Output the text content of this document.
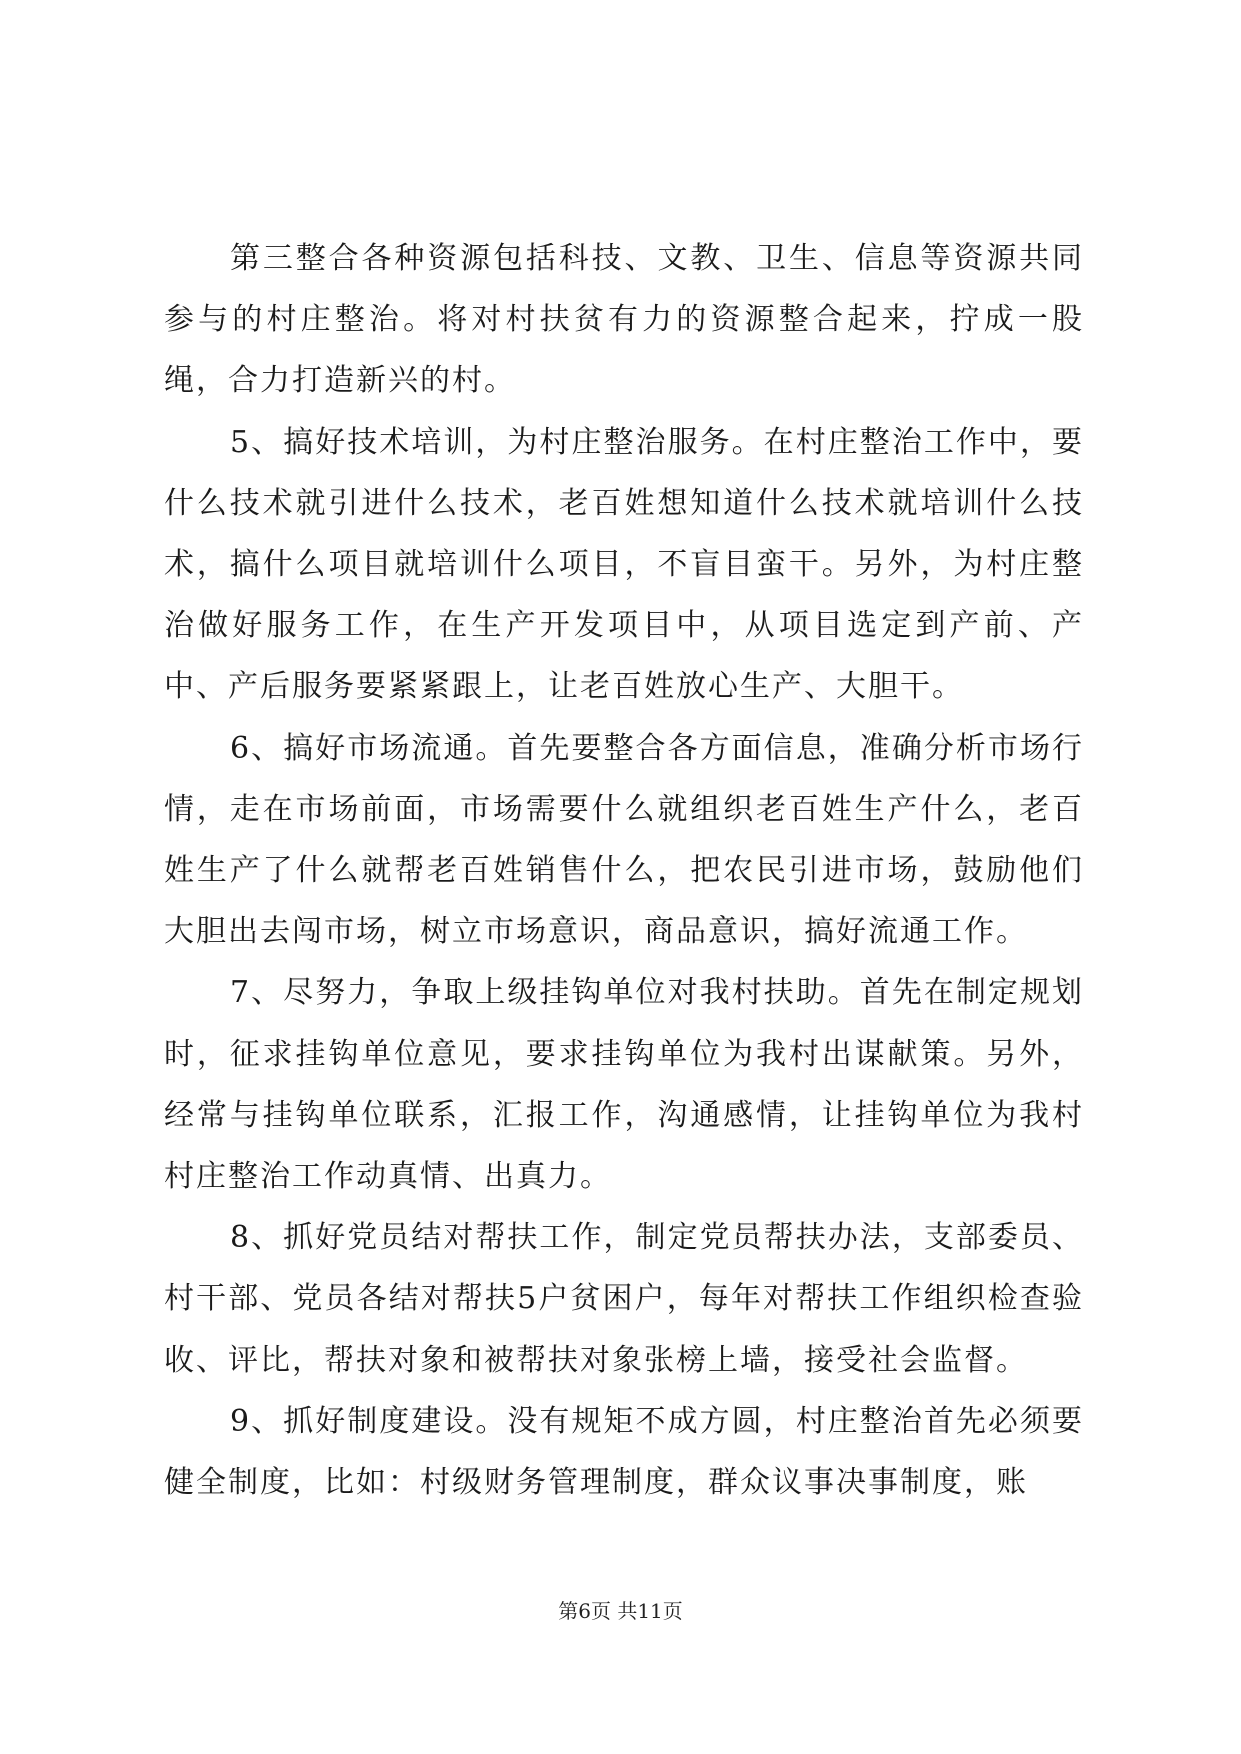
第三整合各种资源包括科技、文教、卫生、信息等资源共同参与的村庄整治。将对村扶贫有力的资源整合起来，拧成一股绳，合力打造新兴的村。

5、搞好技术培训，为村庄整治服务。在村庄整治工作中，要什么技术就引进什么技术，老百姓想知道什么技术就培训什么技术，搞什么项目就培训什么项目，不盲目蛮干。另外，为村庄整治做好服务工作，在生产开发项目中，从项目选定到产前、产中、产后服务要紧紧跟上，让老百姓放心生产、大胆干。

6、搞好市场流通。首先要整合各方面信息，准确分析市场行情，走在市场前面，市场需要什么就组织老百姓生产什么，老百姓生产了什么就帮老百姓销售什么，把农民引进市场，鼓励他们大胆出去闯市场，树立市场意识，商品意识，搞好流通工作。

7、尽努力，争取上级挂钩单位对我村扶助。首先在制定规划时，征求挂钩单位意见，要求挂钩单位为我村出谋献策。另外，经常与挂钩单位联系，汇报工作，沟通感情，让挂钩单位为我村村庄整治工作动真情、出真力。

8、抓好党员结对帮扶工作，制定党员帮扶办法，支部委员、村干部、党员各结对帮扶5户贫困户，每年对帮扶工作组织检查验收、评比，帮扶对象和被帮扶对象张榜上墙，接受社会监督。

9、抓好制度建设。没有规矩不成方圆，村庄整治首先必须要健全制度，比如：村级财务管理制度，群众议事决事制度，账

第6页 共11页
